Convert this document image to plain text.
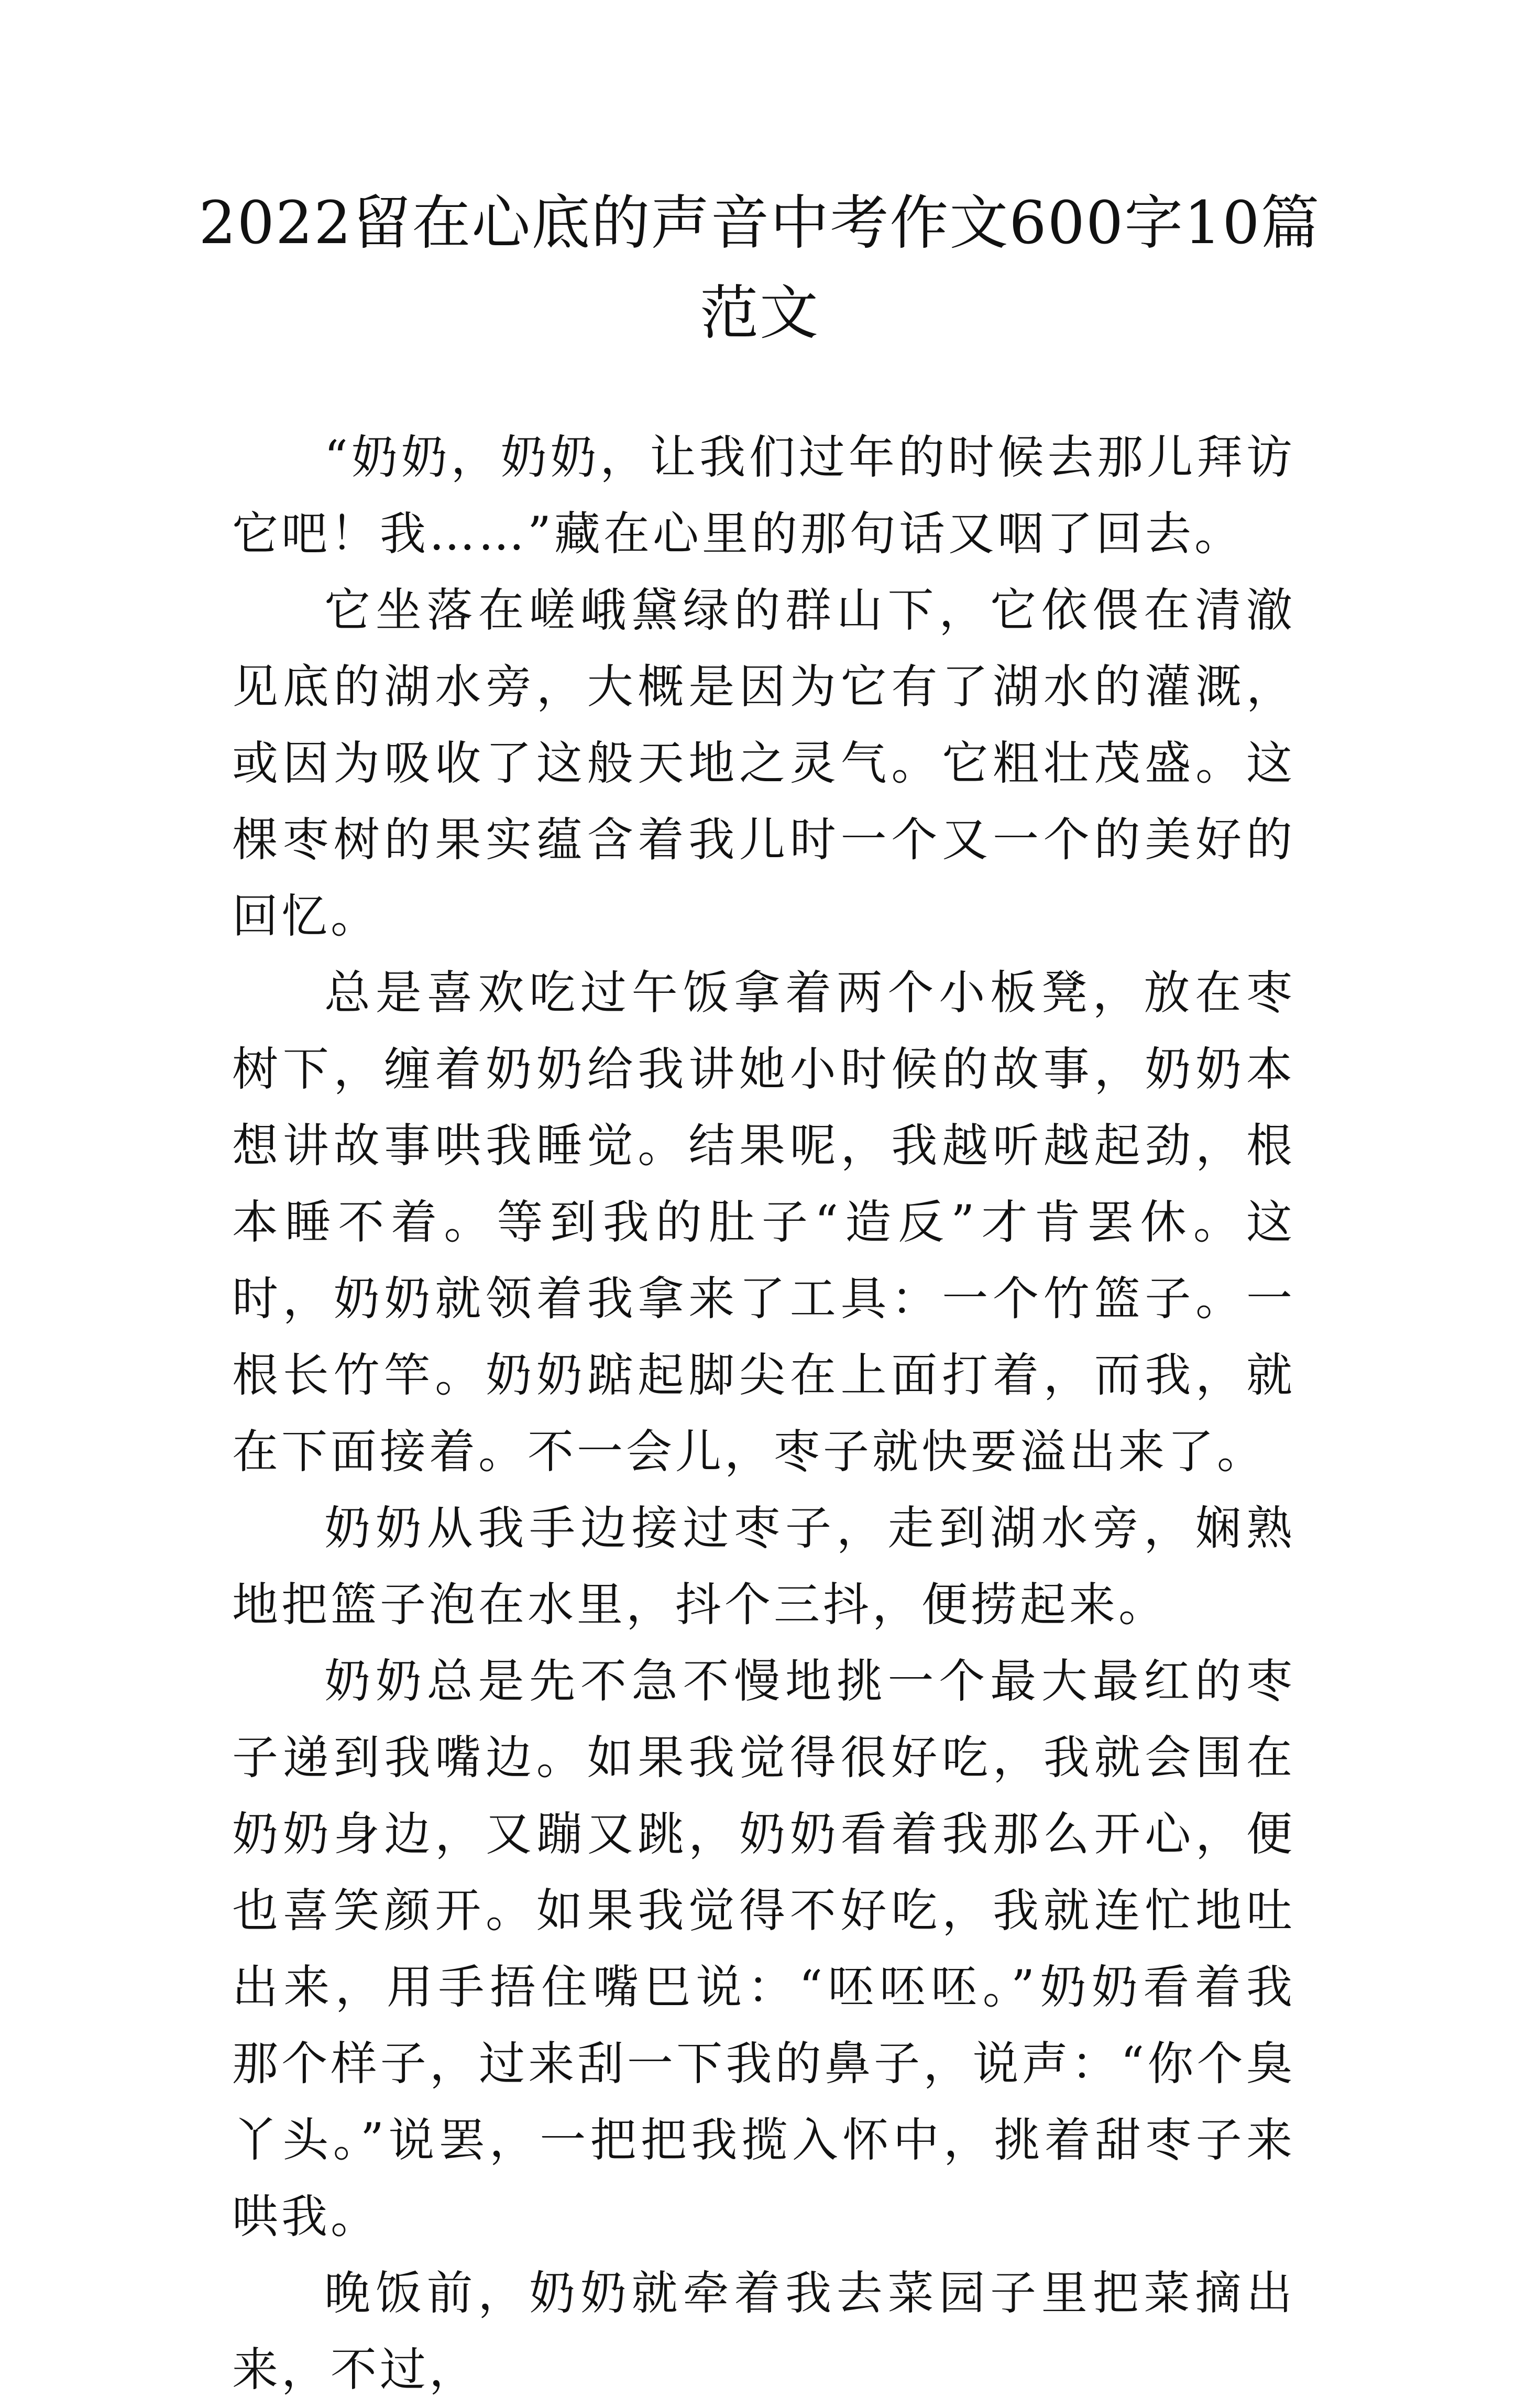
2022留在心底的声音中考作文600字10篇范文

“奶奶，奶奶，让我们过年的时候去那儿拜访它吧！我……”藏在心里的那句话又咽了回去。

它坐落在嵯峨黛绿的群山下，它依偎在清澈见底的湖水旁，大概是因为它有了湖水的灌溉，或因为吸收了这般天地之灵气。它粗壮茂盛。这棵枣树的果实蕴含着我儿时一个又一个的美好的回忆。

总是喜欢吃过午饭拿着两个小板凳，放在枣树下，缠着奶奶给我讲她小时候的故事，奶奶本想讲故事哄我睡觉。结果呢，我越听越起劲，根本睡不着。等到我的肚子“造反”才肯罢休。这时，奶奶就领着我拿来了工具：一个竹篮子。一根长竹竿。奶奶踮起脚尖在上面打着，而我，就在下面接着。不一会儿，枣子就快要溢出来了。

奶奶从我手边接过枣子，走到湖水旁，娴熟地把篮子泡在水里，抖个三抖，便捞起来。

奶奶总是先不急不慢地挑一个最大最红的枣子递到我嘴边。如果我觉得很好吃，我就会围在奶奶身边，又蹦又跳，奶奶看着我那么开心，便也喜笑颜开。如果我觉得不好吃，我就连忙地吐出来，用手捂住嘴巴说：“呸呸呸。”奶奶看着我那个样子，过来刮一下我的鼻子，说声：“你个臭丫头。”说罢，一把把我揽入怀中，挑着甜枣子来哄我。

晚饭前，奶奶就牵着我去菜园子里把菜摘出来，不过，
